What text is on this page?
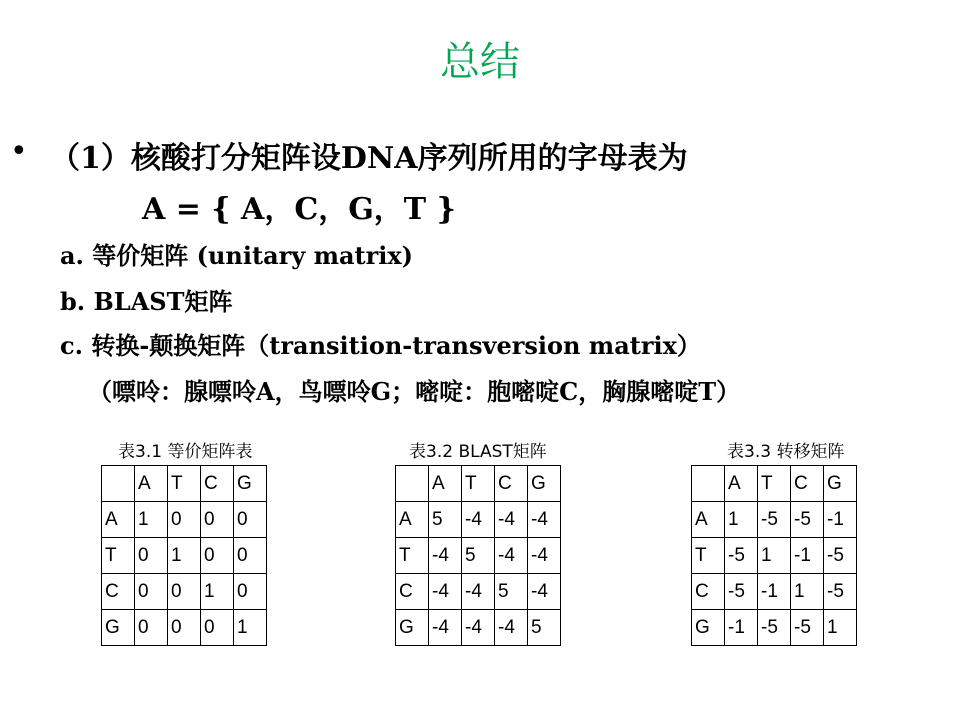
总结
• （1）核酸打分矩阵设DNA序列所用的字母表为
A = { A，C，G，T }
a. 等价矩阵 (unitary matrix)
b. BLAST矩阵
c. 转换-颠换矩阵（transition-transversion matrix）
（嘌呤：腺嘌呤A，鸟嘌呤G；嘧啶：胞嘧啶C，胸腺嘧啶T）
表3.1 等价矩阵表	表3.2 BLAST矩阵	表3.3 转移矩阵
	A	T	C	G
A	1	0	0	0
T	0	1	0	0
C	0	0	1	0
G	0	0	0	1
	A	T	C	G
A	5	-4	-4	-4
T	-4	5	-4	-4
C	-4	-4	5	-4
G	-4	-4	-4	5
	A	T	C	G
A	1	-5	-5	-1
T	-5	1	-1	-5
C	-5	-1	1	-5
G	-1	-5	-5	1
